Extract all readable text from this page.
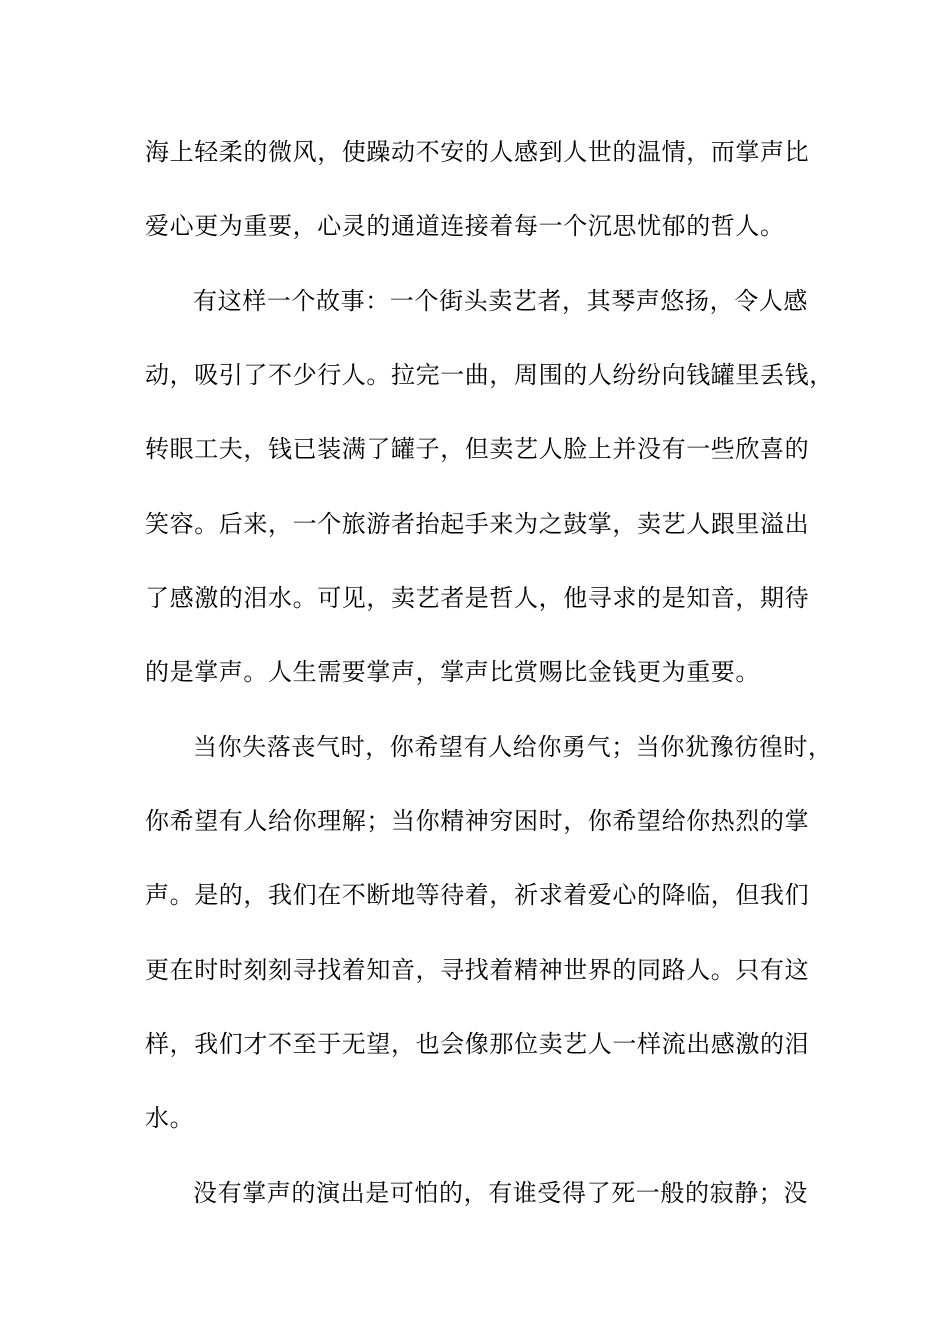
海上轻柔的微风，使躁动不安的人感到人世的温情，而掌声比
爱心更为重要，心灵的通道连接着每一个沉思忧郁的哲人。
有这样一个故事：一个街头卖艺者，其琴声悠扬，令人感
动，吸引了不少行人。拉完一曲，周围的人纷纷向钱罐里丢钱，
转眼工夫，钱已装满了罐子，但卖艺人脸上并没有一些欣喜的
笑容。后来，一个旅游者抬起手来为之鼓掌，卖艺人跟里溢出
了感激的泪水。可见，卖艺者是哲人，他寻求的是知音，期待
的是掌声。人生需要掌声，掌声比赏赐比金钱更为重要。
当你失落丧气时，你希望有人给你勇气；当你犹豫彷徨时，
你希望有人给你理解；当你精神穷困时，你希望给你热烈的掌
声。是的，我们在不断地等待着，祈求着爱心的降临，但我们
更在时时刻刻寻找着知音，寻找着精神世界的同路人。只有这
样，我们才不至于无望，也会像那位卖艺人一样流出感激的泪
水。
没有掌声的演出是可怕的，有谁受得了死一般的寂静；没
